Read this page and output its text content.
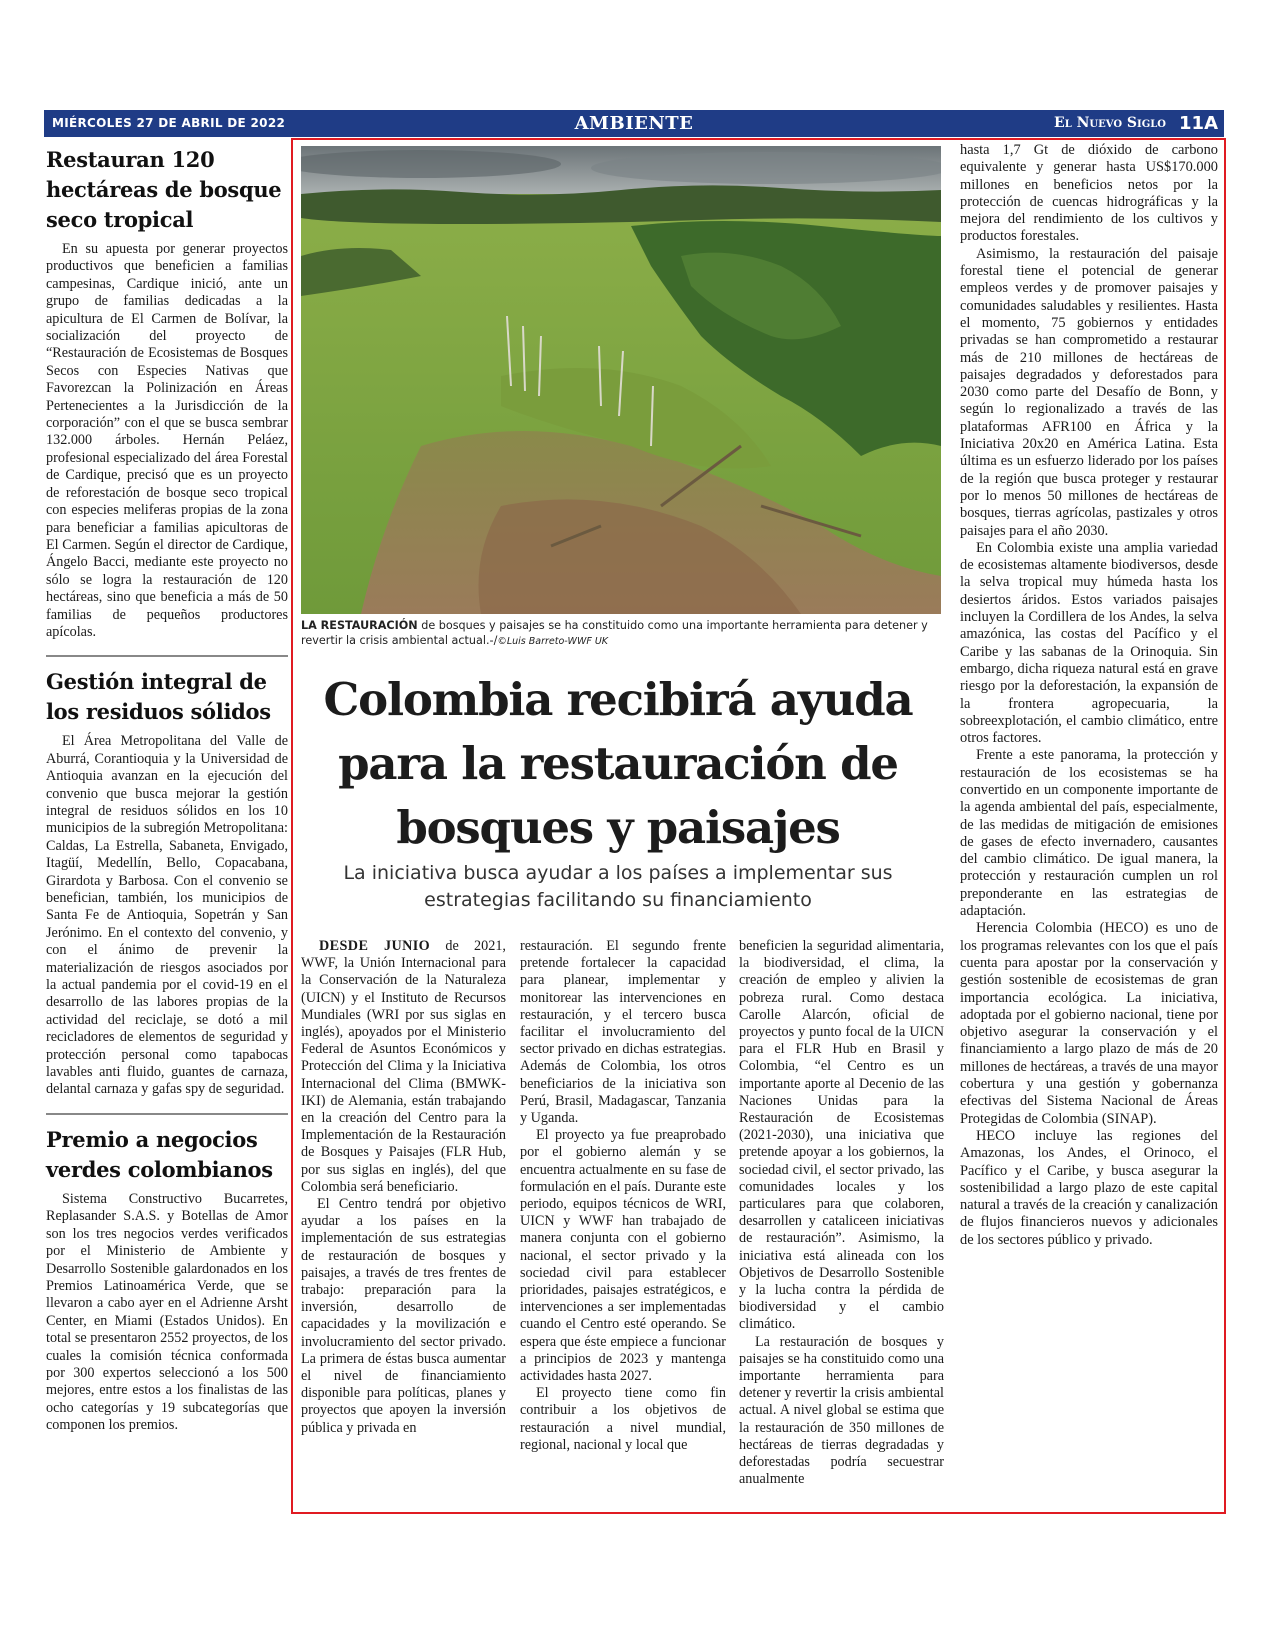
MIÉRCOLES 27 DE ABRIL DE 2022	AMBIENTE	El Nuevo Siglo 11A
Restauran 120 hectáreas de bosque seco tropical

En su apuesta por generar proyectos productivos que beneficien a familias campesinas, Cardique inició, ante un grupo de familias dedicadas a la apicultura de El Carmen de Bolívar, la socialización del proyecto de “Restauración de Ecosistemas de Bosques Secos con Especies Nativas que Favorezcan la Polinización en Áreas Pertenecientes a la Jurisdicción de la corporación” con el que se busca sembrar 132.000 árboles. Hernán Peláez, profesional especializado del área Forestal de Cardique, precisó que es un proyecto de reforestación de bosque seco tropical con especies meliferas propias de la zona para beneficiar a familias apicultoras de El Carmen. Según el director de Cardique, Ángelo Bacci, mediante este proyecto no sólo se logra la restauración de 120 hectáreas, sino que beneficia a más de 50 familias de pequeños productores apícolas.

Gestión integral de los residuos sólidos

El Área Metropolitana del Valle de Aburrá, Corantioquia y la Universidad de Antioquia avanzan en la ejecución del convenio que busca mejorar la gestión integral de residuos sólidos en los 10 municipios de la subregión Metropolitana: Caldas, La Estrella, Sabaneta, Envigado, Itagüí, Medellín, Bello, Copacabana, Girardota y Barbosa. Con el convenio se benefician, también, los municipios de Santa Fe de Antioquia, Sopetrán y San Jerónimo. En el contexto del convenio, y con el ánimo de prevenir la materialización de riesgos asociados por la actual pandemia por el covid-19 en el desarrollo de las labores propias de la actividad del reciclaje, se dotó a mil recicladores de elementos de seguridad y protección personal como tapabocas lavables anti fluido, guantes de carnaza, delantal carnaza y gafas spy de seguridad.

Premio a negocios verdes colombianos

Sistema Constructivo Bucarretes, Replasander S.A.S. y Botellas de Amor son los tres negocios verdes verificados por el Ministerio de Ambiente y Desarrollo Sostenible galardonados en los Premios Latinoamérica Verde, que se llevaron a cabo ayer en el Adrienne Arsht Center, en Miami (Estados Unidos). En total se presentaron 2552 proyectos, de los cuales la comisión técnica conformada por 300 expertos seleccionó a los 500 mejores, entre estos a los finalistas de las ocho categorías y 19 subcategorías que componen los premios.

LA RESTAURACIÓN de bosques y paisajes se ha constituido como una importante herramienta para detener y revertir la crisis ambiental actual.-/©Luis Barreto-WWF UK
Colombia recibirá ayuda para la restauración de bosques y paisajes

La iniciativa busca ayudar a los países a implementar sus estrategias facilitando su financiamiento

DESDE JUNIO de 2021, WWF, la Unión Internacional para la Conservación de la Naturaleza (UICN) y el Instituto de Recursos Mundiales (WRI por sus siglas en inglés), apoyados por el Ministerio Federal de Asuntos Económicos y Protección del Clima y la Iniciativa Internacional del Clima (BMWK-IKI) de Alemania, están trabajando en la creación del Centro para la Implementación de la Restauración de Bosques y Paisajes (FLR Hub, por sus siglas en inglés), del que Colombia será beneficiario.

El Centro tendrá por objetivo ayudar a los países en la implementación de sus estrategias de restauración de bosques y paisajes, a través de tres frentes de trabajo: preparación para la inversión, desarrollo de capacidades y la movilización e involucramiento del sector privado. La primera de éstas busca aumentar el nivel de financiamiento disponible para políticas, planes y proyectos que apoyen la inversión pública y privada en

restauración. El segundo frente pretende fortalecer la capacidad para planear, implementar y monitorear las intervenciones en restauración, y el tercero busca facilitar el involucramiento del sector privado en dichas estrategias. Además de Colombia, los otros beneficiarios de la iniciativa son Perú, Brasil, Madagascar, Tanzania y Uganda.

El proyecto ya fue preaprobado por el gobierno alemán y se encuentra actualmente en su fase de formulación en el país. Durante este periodo, equipos técnicos de WRI, UICN y WWF han trabajado de manera conjunta con el gobierno nacional, el sector privado y la sociedad civil para establecer prioridades, paisajes estratégicos, e intervenciones a ser implementadas cuando el Centro esté operando. Se espera que éste empiece a funcionar a principios de 2023 y mantenga actividades hasta 2027.

El proyecto tiene como fin contribuir a los objetivos de restauración a nivel mundial, regional, nacional y local que

beneficien la seguridad alimentaria, la biodiversidad, el clima, la creación de empleo y alivien la pobreza rural. Como destaca Carolle Alarcón, oficial de proyectos y punto focal de la UICN para el FLR Hub en Brasil y Colombia, “el Centro es un importante aporte al Decenio de las Naciones Unidas para la Restauración de Ecosistemas (2021-2030), una iniciativa que pretende apoyar a los gobiernos, la sociedad civil, el sector privado, las comunidades locales y los particulares para que colaboren, desarrollen y cataliceen iniciativas de restauración”. Asimismo, la iniciativa está alineada con los Objetivos de Desarrollo Sostenible y la lucha contra la pérdida de biodiversidad y el cambio climático.

La restauración de bosques y paisajes se ha constituido como una importante herramienta para detener y revertir la crisis ambiental actual. A nivel global se estima que la restauración de 350 millones de hectáreas de tierras degradadas y deforestadas podría secuestrar anualmente

hasta 1,7 Gt de dióxido de carbono equivalente y generar hasta US$170.000 millones en beneficios netos por la protección de cuencas hidrográficas y la mejora del rendimiento de los cultivos y productos forestales.

Asimismo, la restauración del paisaje forestal tiene el potencial de generar empleos verdes y de promover paisajes y comunidades saludables y resilientes. Hasta el momento, 75 gobiernos y entidades privadas se han comprometido a restaurar más de 210 millones de hectáreas de paisajes degradados y deforestados para 2030 como parte del Desafío de Bonn, y según lo regionalizado a través de las plataformas AFR100 en África y la Iniciativa 20x20 en América Latina. Esta última es un esfuerzo liderado por los países de la región que busca proteger y restaurar por lo menos 50 millones de hectáreas de bosques, tierras agrícolas, pastizales y otros paisajes para el año 2030.

En Colombia existe una amplia variedad de ecosistemas altamente biodiversos, desde la selva tropical muy húmeda hasta los desiertos áridos. Estos variados paisajes incluyen la Cordillera de los Andes, la selva amazónica, las costas del Pacífico y el Caribe y las sabanas de la Orinoquia. Sin embargo, dicha riqueza natural está en grave riesgo por la deforestación, la expansión de la frontera agropecuaria, la sobreexplotación, el cambio climático, entre otros factores.

Frente a este panorama, la protección y restauración de los ecosistemas se ha convertido en un componente importante de la agenda ambiental del país, especialmente, de las medidas de mitigación de emisiones de gases de efecto invernadero, causantes del cambio climático. De igual manera, la protección y restauración cumplen un rol preponderante en las estrategias de adaptación.

Herencia Colombia (HECO) es uno de los programas relevantes con los que el país cuenta para apostar por la conservación y gestión sostenible de ecosistemas de gran importancia ecológica. La iniciativa, adoptada por el gobierno nacional, tiene por objetivo asegurar la conservación y el financiamiento a largo plazo de más de 20 millones de hectáreas, a través de una mayor cobertura y una gestión y gobernanza efectivas del Sistema Nacional de Áreas Protegidas de Colombia (SINAP).

HECO incluye las regiones del Amazonas, los Andes, el Orinoco, el Pacífico y el Caribe, y busca asegurar la sostenibilidad a largo plazo de este capital natural a través de la creación y canalización de flujos financieros nuevos y adicionales de los sectores público y privado.
